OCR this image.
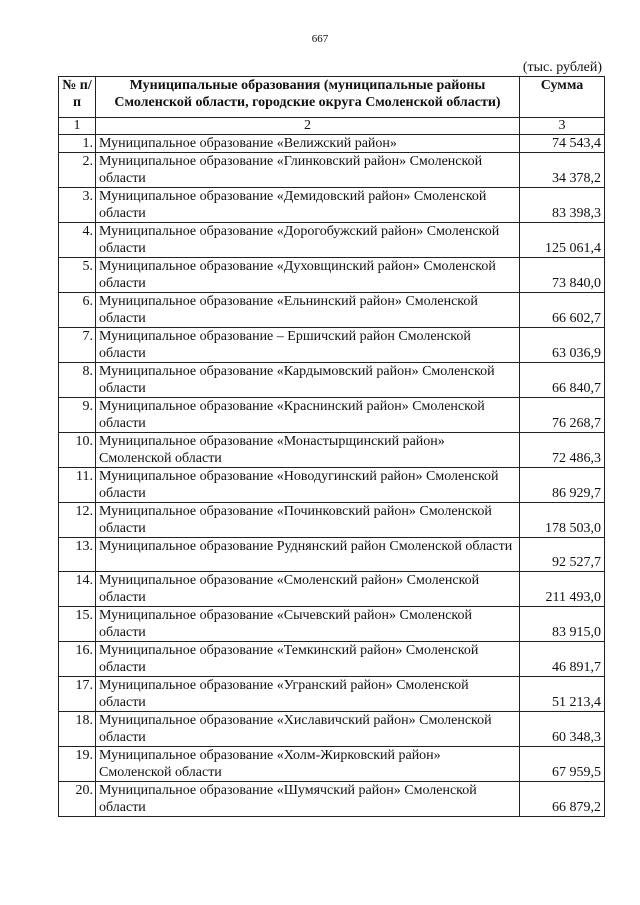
667
(тыс. рублей)
№ п/п	Муниципальные образования (муниципальные районы Смоленской области, городские округа Смоленской области)	Сумма
1	2	3
1.	Муниципальное образование «Велижский район»	74 543,4
2.	Муниципальное образование «Глинковский район» Смоленской области	34 378,2
3.	Муниципальное образование «Демидовский район» Смоленской области	83 398,3
4.	Муниципальное образование «Дорогобужский район» Смоленской области	125 061,4
5.	Муниципальное образование «Духовщинский район» Смоленской области	73 840,0
6.	Муниципальное образование «Ельнинский район» Смоленской области	66 602,7
7.	Муниципальное образование – Ершичский район Смоленской области	63 036,9
8.	Муниципальное образование «Кардымовский район» Смоленской области	66 840,7
9.	Муниципальное образование «Краснинский район» Смоленской области	76 268,7
10.	Муниципальное образование «Монастырщинский район» Смоленской области	72 486,3
11.	Муниципальное образование «Новодугинский район» Смоленской области	86 929,7
12.	Муниципальное образование «Починковский район» Смоленской области	178 503,0
13.	Муниципальное образование Руднянский район Смоленской области	92 527,7
14.	Муниципальное образование «Смоленский район» Смоленской области	211 493,0
15.	Муниципальное образование «Сычевский район» Смоленской области	83 915,0
16.	Муниципальное образование «Темкинский район» Смоленской области	46 891,7
17.	Муниципальное образование «Угранский район» Смоленской области	51 213,4
18.	Муниципальное образование «Хиславичский район» Смоленской области	60 348,3
19.	Муниципальное образование «Холм-Жирковский район» Смоленской области	67 959,5
20.	Муниципальное образование «Шумячский район» Смоленской области	66 879,2
